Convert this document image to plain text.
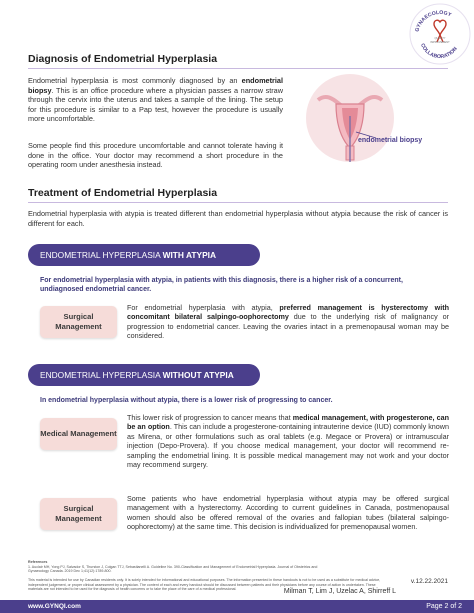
GYNAECOLOGY
COLLABORATION
QUALITY
IMPROVEMENT
Diagnosis of Endometrial Hyperplasia
Endometrial hyperplasia is most commonly diagnosed by an endometrial biopsy. This is an office procedure where a physician passes a narrow straw through the cervix into the uterus and takes a sample of the lining. The setup for this procedure is similar to a Pap test, however the procedure is usually more uncomfortable.
Some people find this procedure uncomfortable and cannot tolerate having it done in the office. Your doctor may recommend a short procedure in the operating room under anesthesia instead.
endometrial biopsy
Treatment of Endometrial Hyperplasia
Endometrial hyperplasia with atypia is treated different than endometrial hyperplasia without atypia because the risk of cancer is different for each.
ENDOMETRIAL HYPERPLASIA WITH ATYPIA
For endometrial hyperplasia with atypia, in patients with this diagnosis, there is a higher risk of a concurrent, undiagnosed endometrial cancer.
Surgical Management
For endometrial hyperplasia with atypia, preferred management is hysterectomy with concomitant bilateral salpingo-oophorectomy due to the underlying risk of malignancy or progression to endometrial cancer. Leaving the ovaries intact in a premenopausal woman may be considered.
ENDOMETRIAL HYPERPLASIA WITHOUT ATYPIA
In endometrial hyperplasia without atypia, there is a lower risk of progressing to cancer.
Medical Management
This lower risk of progression to cancer means that medical management, with progesterone, can be an option. This can include a progesterone-containing intrauterine device (IUD) commonly known as Mirena, or other formulations such as oral tablets (e.g. Megace or Provera) or intramuscular injection (Depo-Provera). If you choose medical management, your doctor will recommend re-sampling the endometrial lining. It is possible medical management may not work and your doctor may recommend surgery.
Surgical Management
Some patients who have endometrial hyperplasia without atypia may be offered surgical management with a hysterectomy. According to current guidelines in Canada, postmenopausal women should also be offered removal of the ovaries and fallopian tubes (bilateral salpingo-oophorectomy) at the same time. This decision is individualized for premenopausal women.
References
1. Auclair MH, Yong PJ, Salvador S, Thurston J, Colgan TTJ, Sebastianelli A. Guideline No. 390-Classification and Management of Endometrial Hyperplasia. Journal of Obstetrics and Gynaecology Canada. 2019 Dec 1;41(12):1789-800.
This material is intended for use by Canadian residents only. It is solely intended for informational and educational purposes. The information presented in these handouts is not to be used as a substitute for medical advice, independent judgement, or proper clinical assessment by a physician. The content of each and every handout should be discussed between patients and their physicians before any course of action is undertaken. These materials are not intended to be used for the diagnosis of health concerns or to take the place of the care of a medical professional.
v.12.22.2021
Milman T, Lim J, Uzelac A, Shirreff L
www.GYNQI.com	Page 2 of 2
